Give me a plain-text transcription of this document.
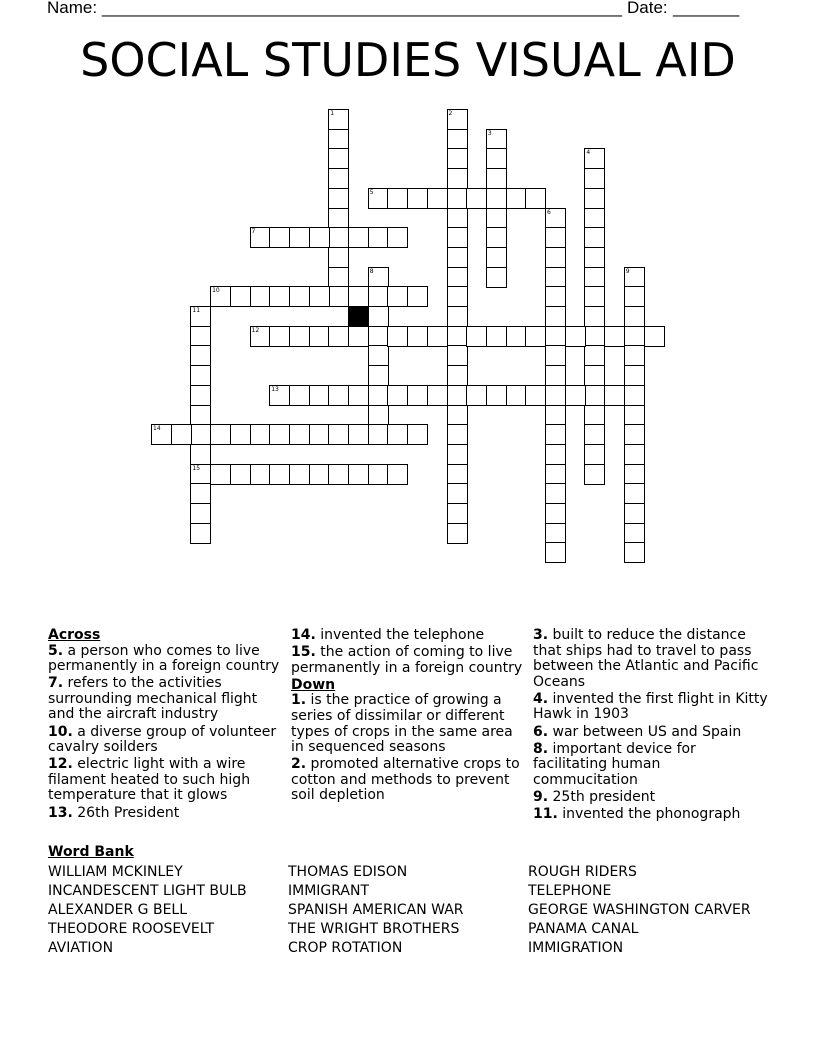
Name: _______________________________________________________ Date: _______
SOCIAL STUDIES VISUAL AID
1	2
3
4
5
6
7
8	9
10
11
15
12
13
14
Across
5. a person who comes to live permanently in a foreign country
7. refers to the activities surrounding mechanical flight and the aircraft industry
10. a diverse group of volunteer cavalry soilders
12. electric light with a wire filament heated to such high temperature that it glows
13. 26th President
14. invented the telephone
15. the action of coming to live permanently in a foreign country
Down
1. is the practice of growing a series of dissimilar or different types of crops in the same area in sequenced seasons
2. promoted alternative crops to cotton and methods to prevent soil depletion
3. built to reduce the distance that ships had to travel to pass between the Atlantic and Pacific Oceans
4. invented the first flight in Kitty Hawk in 1903
6. war between US and Spain
8. important device for facilitating human commucitation
9. 25th president
11. invented the phonograph
Word Bank
WILLIAM MCKINLEY
INCANDESCENT LIGHT BULB
ALEXANDER G BELL
THEODORE ROOSEVELT
AVIATION
THOMAS EDISON
IMMIGRANT
SPANISH AMERICAN WAR
THE WRIGHT BROTHERS
CROP ROTATION
ROUGH RIDERS
TELEPHONE
GEORGE WASHINGTON CARVER
PANAMA CANAL
IMMIGRATION
